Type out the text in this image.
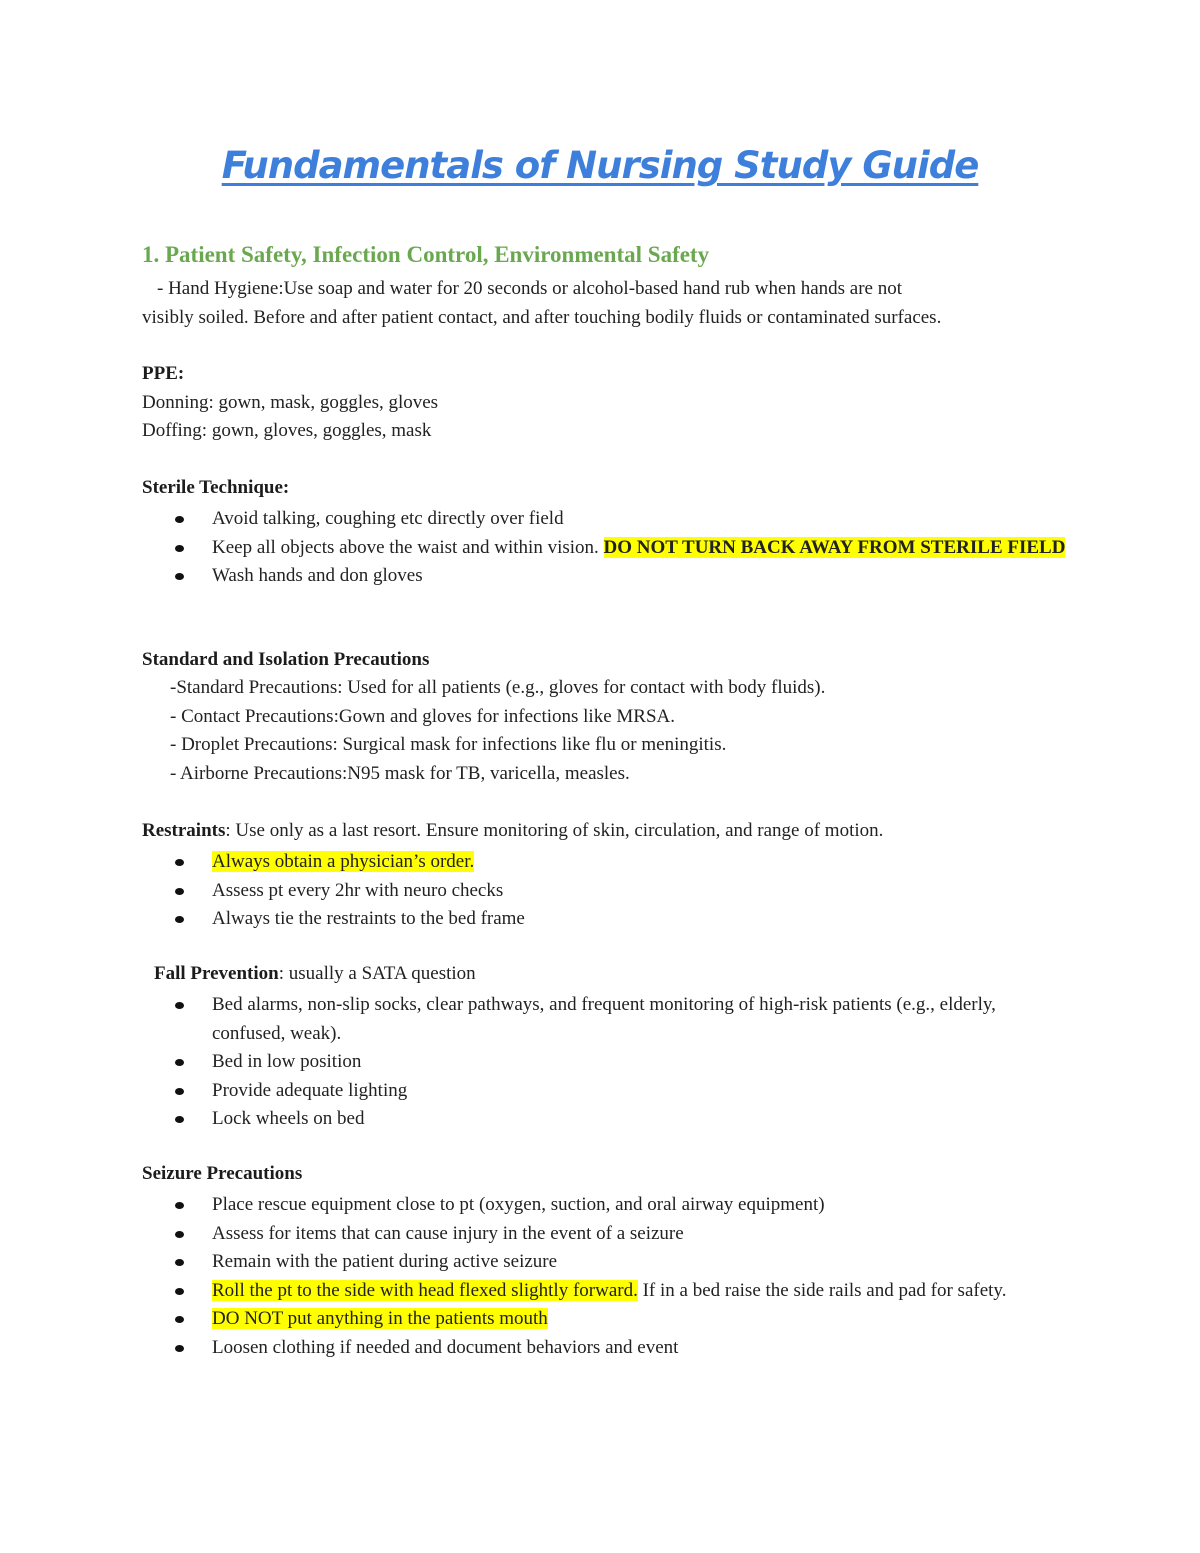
Fundamentals of Nursing Study Guide
1. Patient Safety, Infection Control, Environmental Safety
- Hand Hygiene:Use soap and water for 20 seconds or alcohol-based hand rub when hands are not
visibly soiled. Before and after patient contact, and after touching bodily fluids or contaminated surfaces.
PPE:
Donning: gown, mask, goggles, gloves
Doffing: gown, gloves, goggles, mask
Sterile Technique:
Avoid talking, coughing etc directly over field
Keep all objects above the waist and within vision. DO NOT TURN BACK AWAY FROM STERILE FIELD
Wash hands and don gloves
Standard and Isolation Precautions
-Standard Precautions: Used for all patients (e.g., gloves for contact with body fluids).
- Contact Precautions:Gown and gloves for infections like MRSA.
- Droplet Precautions: Surgical mask for infections like flu or meningitis.
- Airborne Precautions:N95 mask for TB, varicella, measles.
Restraints: Use only as a last resort. Ensure monitoring of skin, circulation, and range of motion.
Always obtain a physician’s order.
Assess pt every 2hr with neuro checks
Always tie the restraints to the bed frame
Fall Prevention: usually a SATA question
Bed alarms, non-slip socks, clear pathways, and frequent monitoring of high-risk patients (e.g., elderly, confused, weak).
Bed in low position
Provide adequate lighting
Lock wheels on bed
Seizure Precautions
Place rescue equipment close to pt (oxygen, suction, and oral airway equipment)
Assess for items that can cause injury in the event of a seizure
Remain with the patient during active seizure
Roll the pt to the side with head flexed slightly forward. If in a bed raise the side rails and pad for safety.
DO NOT put anything in the patients mouth
Loosen clothing if needed and document behaviors and event
